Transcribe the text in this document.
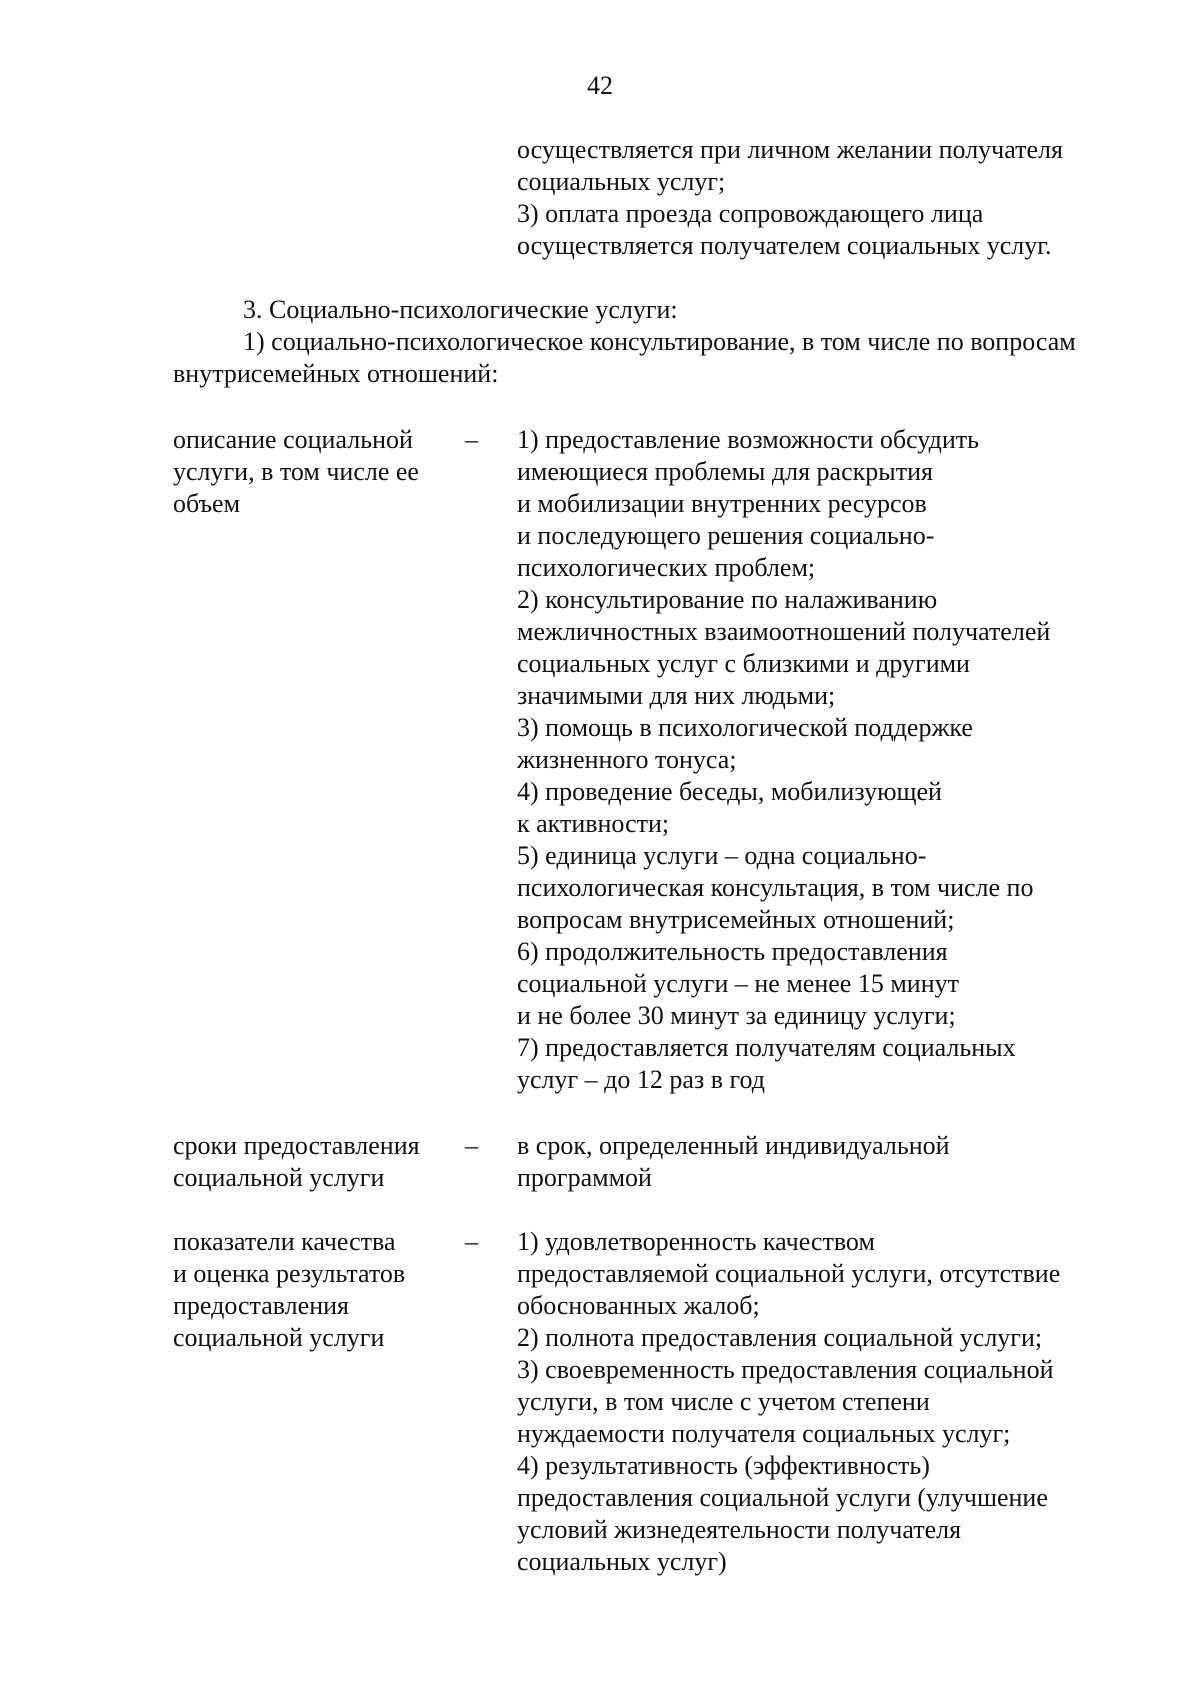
42
осуществляется при личном желании получателя
социальных услуг;
3) оплата проезда сопровождающего лица
осуществляется получателем социальных услуг.
3. Социально-психологические услуги:
1) социально-психологическое консультирование, в том числе по вопросам
внутрисемейных отношений:
описание социальной
услуги, в том числе ее
объем
– 1) предоставление возможности обсудить
имеющиеся проблемы для раскрытия
и мобилизации внутренних ресурсов
и последующего решения социально-
психологических проблем;
2) консультирование по налаживанию
межличностных взаимоотношений получателей
социальных услуг с близкими и другими
значимыми для них людьми;
3) помощь в психологической поддержке
жизненного тонуса;
4) проведение беседы, мобилизующей
к активности;
5) единица услуги – одна социально-
психологическая консультация, в том числе по
вопросам внутрисемейных отношений;
6) продолжительность предоставления
социальной услуги – не менее 15 минут
и не более 30 минут за единицу услуги;
7) предоставляется получателям социальных
услуг – до 12 раз в год
сроки предоставления
социальной услуги
– в срок, определенный индивидуальной
программой
показатели качества
и оценка результатов
предоставления
социальной услуги
– 1) удовлетворенность качеством
предоставляемой социальной услуги, отсутствие
обоснованных жалоб;
2) полнота предоставления социальной услуги;
3) своевременность предоставления социальной
услуги, в том числе с учетом степени
нуждаемости получателя социальных услуг;
4) результативность (эффективность)
предоставления социальной услуги (улучшение
условий жизнедеятельности получателя
социальных услуг)
